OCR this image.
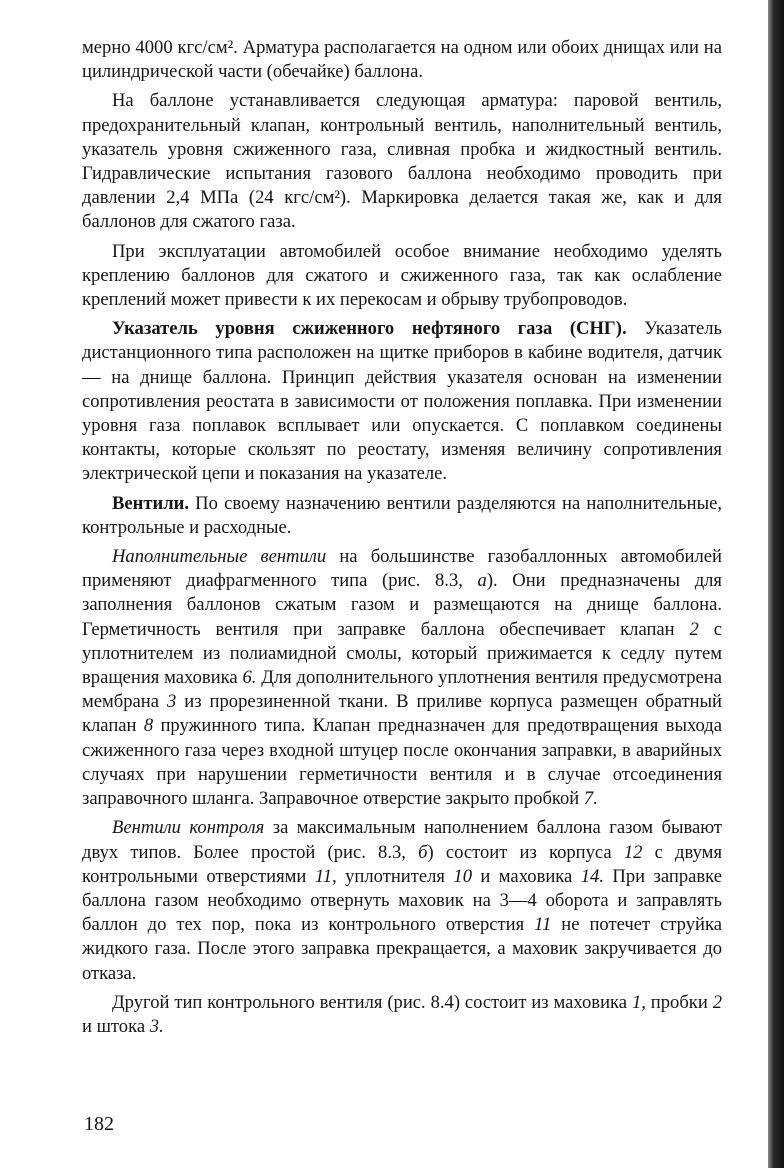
мерно 4000 кгс/см². Арматура располагается на одном или обоих днищах или на цилиндрической части (обечайке) баллона.

На баллоне устанавливается следующая арматура: паровой вентиль, предохранительный клапан, контрольный вентиль, наполнительный вентиль, указатель уровня сжиженного газа, сливная пробка и жидкостный вентиль. Гидравлические испытания газового баллона необходимо проводить при давлении 2,4 МПа (24 кгс/см²). Маркировка делается такая же, как и для баллонов для сжатого газа.

При эксплуатации автомобилей особое внимание необходимо уделять креплению баллонов для сжатого и сжиженного газа, так как ослабление креплений может привести к их перекосам и обрыву трубопроводов.

Указатель уровня сжиженного нефтяного газа (СНГ). Указатель дистанционного типа расположен на щитке приборов в кабине водителя, датчик — на днище баллона. Принцип действия указателя основан на изменении сопротивления реостата в зависимости от положения поплавка. При изменении уровня газа поплавок всплывает или опускается. С поплавком соединены контакты, которые скользят по реостату, изменяя величину сопротивления электрической цепи и показания на указателе.

Вентили. По своему назначению вентили разделяются на наполнительные, контрольные и расходные.

Наполнительные вентили на большинстве газобаллонных автомобилей применяют диафрагменного типа (рис. 8.3, а). Они предназначены для заполнения баллонов сжатым газом и размещаются на днище баллона. Герметичность вентиля при заправке баллона обеспечивает клапан 2 с уплотнителем из полиамидной смолы, который прижимается к седлу путем вращения маховика 6. Для дополнительного уплотнения вентиля предусмотрена мембрана 3 из прорезиненной ткани. В приливе корпуса размещен обратный клапан 8 пружинного типа. Клапан предназначен для предотвращения выхода сжиженного газа через входной штуцер после окончания заправки, в аварийных случаях при нарушении герметичности вентиля и в случае отсоединения заправочного шланга. Заправочное отверстие закрыто пробкой 7.

Вентили контроля за максимальным наполнением баллона газом бывают двух типов. Более простой (рис. 8.3, б) состоит из корпуса 12 с двумя контрольными отверстиями 11, уплотнителя 10 и маховика 14. При заправке баллона газом необходимо отвернуть маховик на 3—4 оборота и заправлять баллон до тех пор, пока из контрольного отверстия 11 не потечет струйка жидкого газа. После этого заправка прекращается, а маховик закручивается до отказа.

Другой тип контрольного вентиля (рис. 8.4) состоит из маховика 1, пробки 2 и штока 3.

182
